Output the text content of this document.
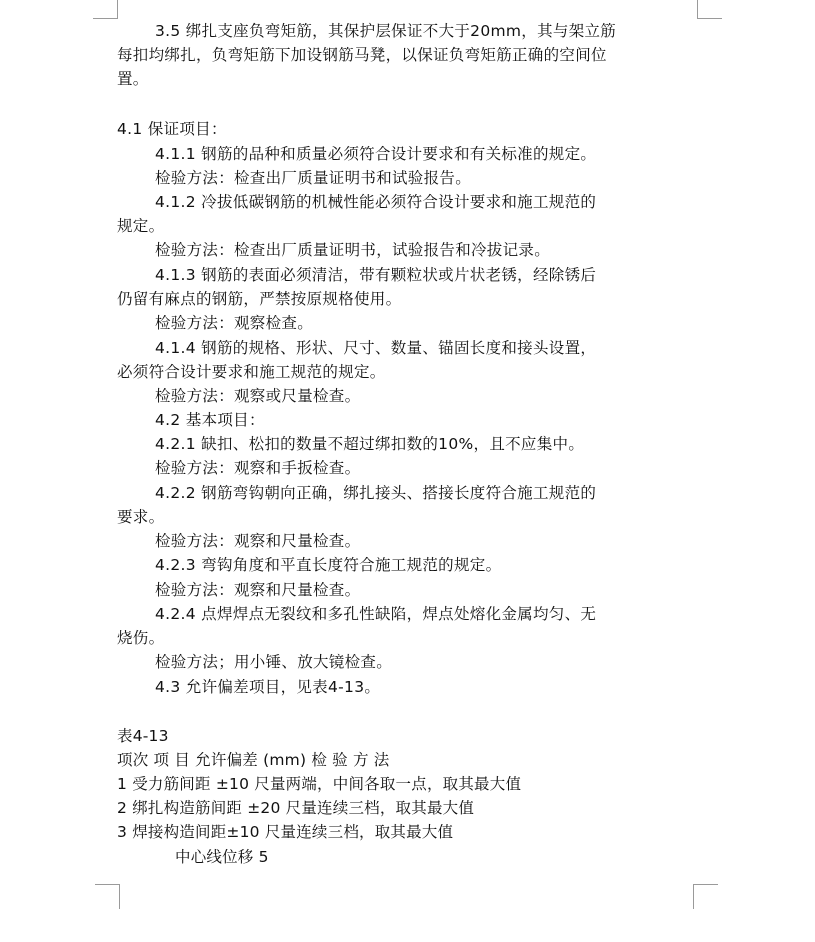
3.5 绑扎支座负弯矩筋，其保护层保证不大于20mm，其与架立筋
每扣均绑扎，负弯矩筋下加设钢筋马凳，以保证负弯矩筋正确的空间位
置。
4.1 保证项目：
4.1.1 钢筋的品种和质量必须符合设计要求和有关标准的规定。
检验方法：检查出厂质量证明书和试验报告。
4.1.2 冷拔低碳钢筋的机械性能必须符合设计要求和施工规范的
规定。
检验方法：检查出厂质量证明书，试验报告和冷拔记录。
4.1.3 钢筋的表面必须清洁，带有颗粒状或片状老锈，经除锈后
仍留有麻点的钢筋，严禁按原规格使用。
检验方法：观察检查。
4.1.4 钢筋的规格、形状、尺寸、数量、锚固长度和接头设置，
必须符合设计要求和施工规范的规定。
检验方法：观察或尺量检查。
4.2 基本项目：
4.2.1 缺扣、松扣的数量不超过绑扣数的10%，且不应集中。
检验方法：观察和手扳检查。
4.2.2 钢筋弯钩朝向正确，绑扎接头、搭接长度符合施工规范的
要求。
检验方法：观察和尺量检查。
4.2.3 弯钩角度和平直长度符合施工规范的规定。
检验方法：观察和尺量检查。
4.2.4 点焊焊点无裂纹和多孔性缺陷，焊点处熔化金属均匀、无
烧伤。
检验方法；用小锤、放大镜检查。
4.3 允许偏差项目，见表4-13。
表4-13
项次 项 目 允许偏差 (mm) 检 验 方 法
1 受力筋间距 ±10 尺量两端，中间各取一点，取其最大值
2 绑扎构造筋间距 ±20 尺量连续三档，取其最大值
3 焊接构造间距±10 尺量连续三档，取其最大值
中心线位移 5
